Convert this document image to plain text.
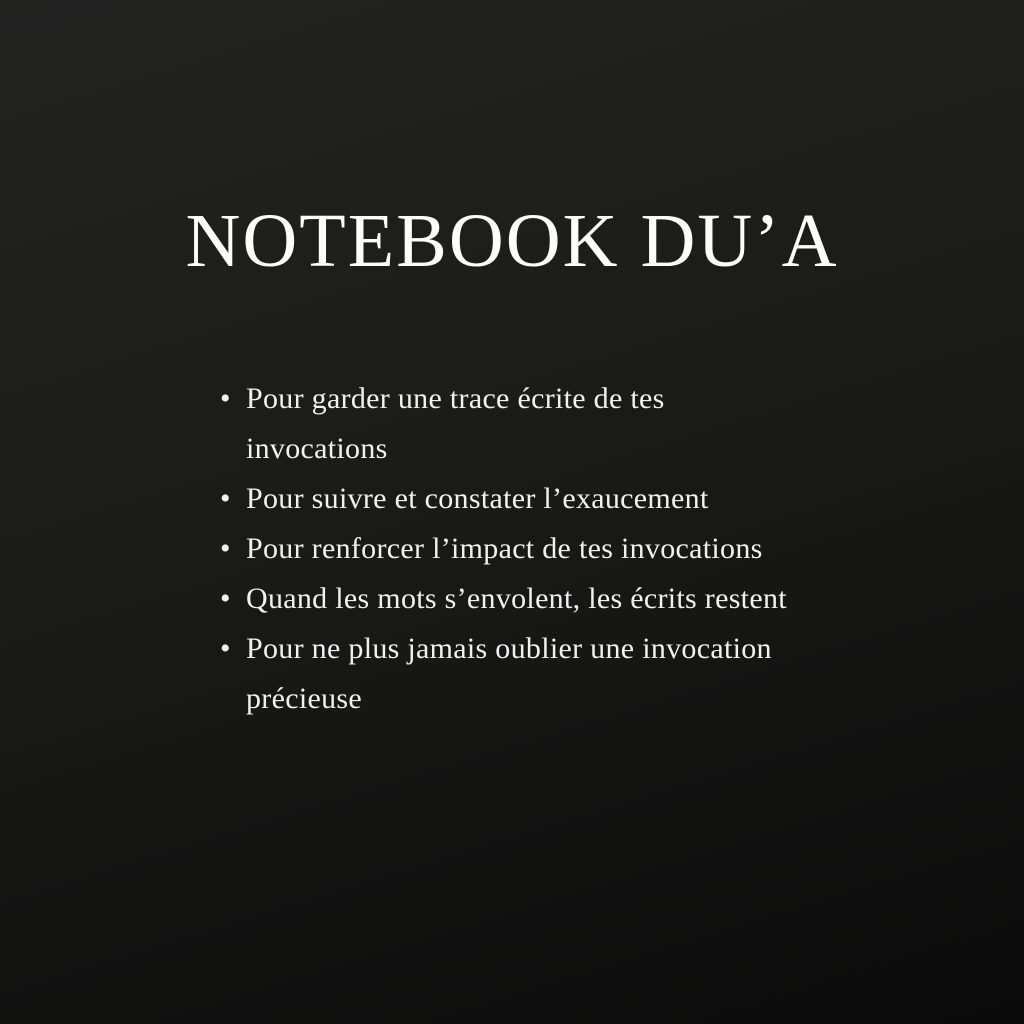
NOTEBOOK DU’A
• Pour garder une trace écrite de tes invocations
• Pour suivre et constater l’exaucement
• Pour renforcer l’impact de tes invocations
• Quand les mots s’envolent, les écrits restent
• Pour ne plus jamais oublier une invocation précieuse
